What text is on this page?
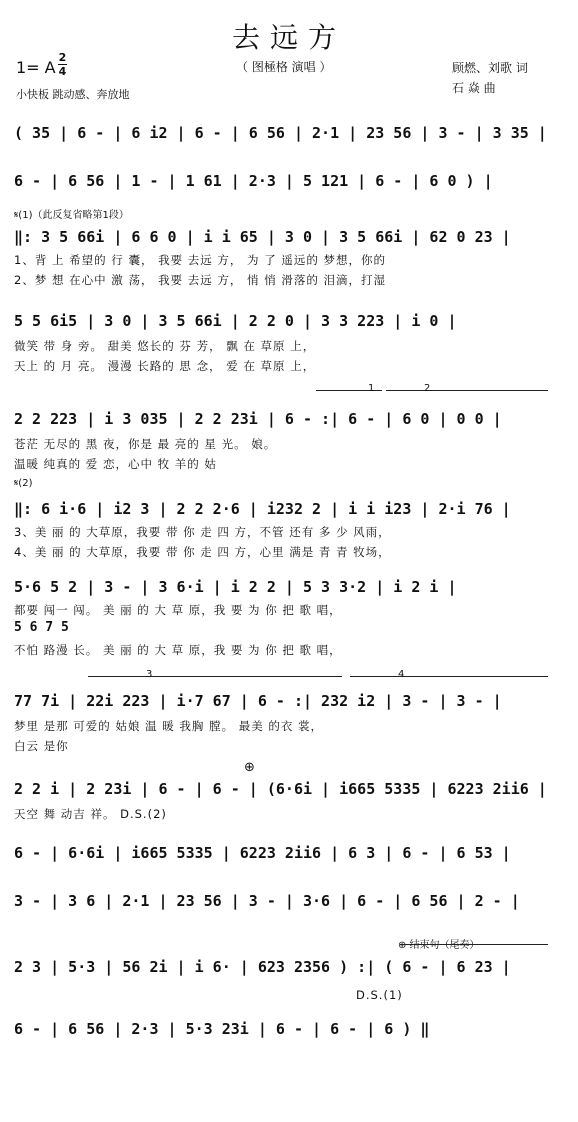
去远方
1= A
2
4	（ 图極格 演唱 ）	顾燃、刘歌 词
石 焱 曲
小快板 跳动感、奔放地
( 35 | 6 - | 6 i2 | 6 - | 6 56 | 2·1 | 23 56 | 3 - | 3 35 |
6 - | 6 56 | 1 - | 1 61 | 2·3 | 5 121 | 6 - | 6 0 ) |
𝄋(1)（此反复省略第1段）
‖: 3 5 66i | 6 6 0 | i i 65 | 3 0 | 3 5 66i | 62 0 23 |
1、背 上 希望的 行 囊， 我要 去远 方， 为 了 遥远的 梦想，你的
2、梦 想 在心中 激 荡， 我要 去远 方， 悄 悄 滑落的 泪滴，打湿
5 5 6i5 | 3 0 | 3 5 66i | 2 2 0 | 3 3 223 | i 0 |
微笑 带 身 旁。 甜美 悠长的 芬 芳， 飘 在 草原 上，
天上 的 月 亮。 漫漫 长路的 思 念， 爱 在 草原 上，
1	2
2 2 223 | i 3 035 | 2 2 23i | 6 - :| 6 - | 6 0 | 0 0 |
苍茫 无尽的 黑 夜，你是 最 亮的 星 光。 娘。
温暖 纯真的 爱 恋，心中 牧 羊的 姑
𝄋(2)
‖: 6 i·6 | i2 3 | 2 2 2·6 | i232 2 | i i i23 | 2·i 76 |
3、美 丽 的 大草原，我要 带 你 走 四 方，不管 还有 多 少 风雨，
4、美 丽 的 大草原，我要 带 你 走 四 方，心里 满是 青 青 牧场，
5·6 5 2 | 3 - | 3 6·i | i 2 2 | 5 3 3·2 | i 2 i |
都要 闯一 闯。 美 丽 的 大 草 原，我 要 为 你 把 歌 唱，
5 6 7 5
不怕 路漫 长。 美 丽 的 大 草 原，我 要 为 你 把 歌 唱，
3	4
77 7i | 22i 223 | i·7 67 | 6 - :| 232 i2 | 3 - | 3 - |
梦里 是那 可爱的 姑娘 温 暖 我胸 膛。 最美 的衣 裳，
白云 是你
⊕
2 2 i | 2 23i | 6 - | 6 - | (6·6i | i665 5335 | 6223 2ii6 |
天空 舞 动吉 祥。 D.S.(2)
6 - | 6·6i | i665 5335 | 6223 2ii6 | 6 3 | 6 - | 6 53 |
3 - | 3 6 | 2·1 | 23 56 | 3 - | 3·6 | 6 - | 6 56 | 2 - |
⊕ 结束句（尾奏）
2 3 | 5·3 | 56 2i | i 6· | 623 2356 ) :| ( 6 - | 6 23 |
D.S.(1)
6 - | 6 56 | 2·3 | 5·3 23i | 6 - | 6 - | 6 ) ‖
